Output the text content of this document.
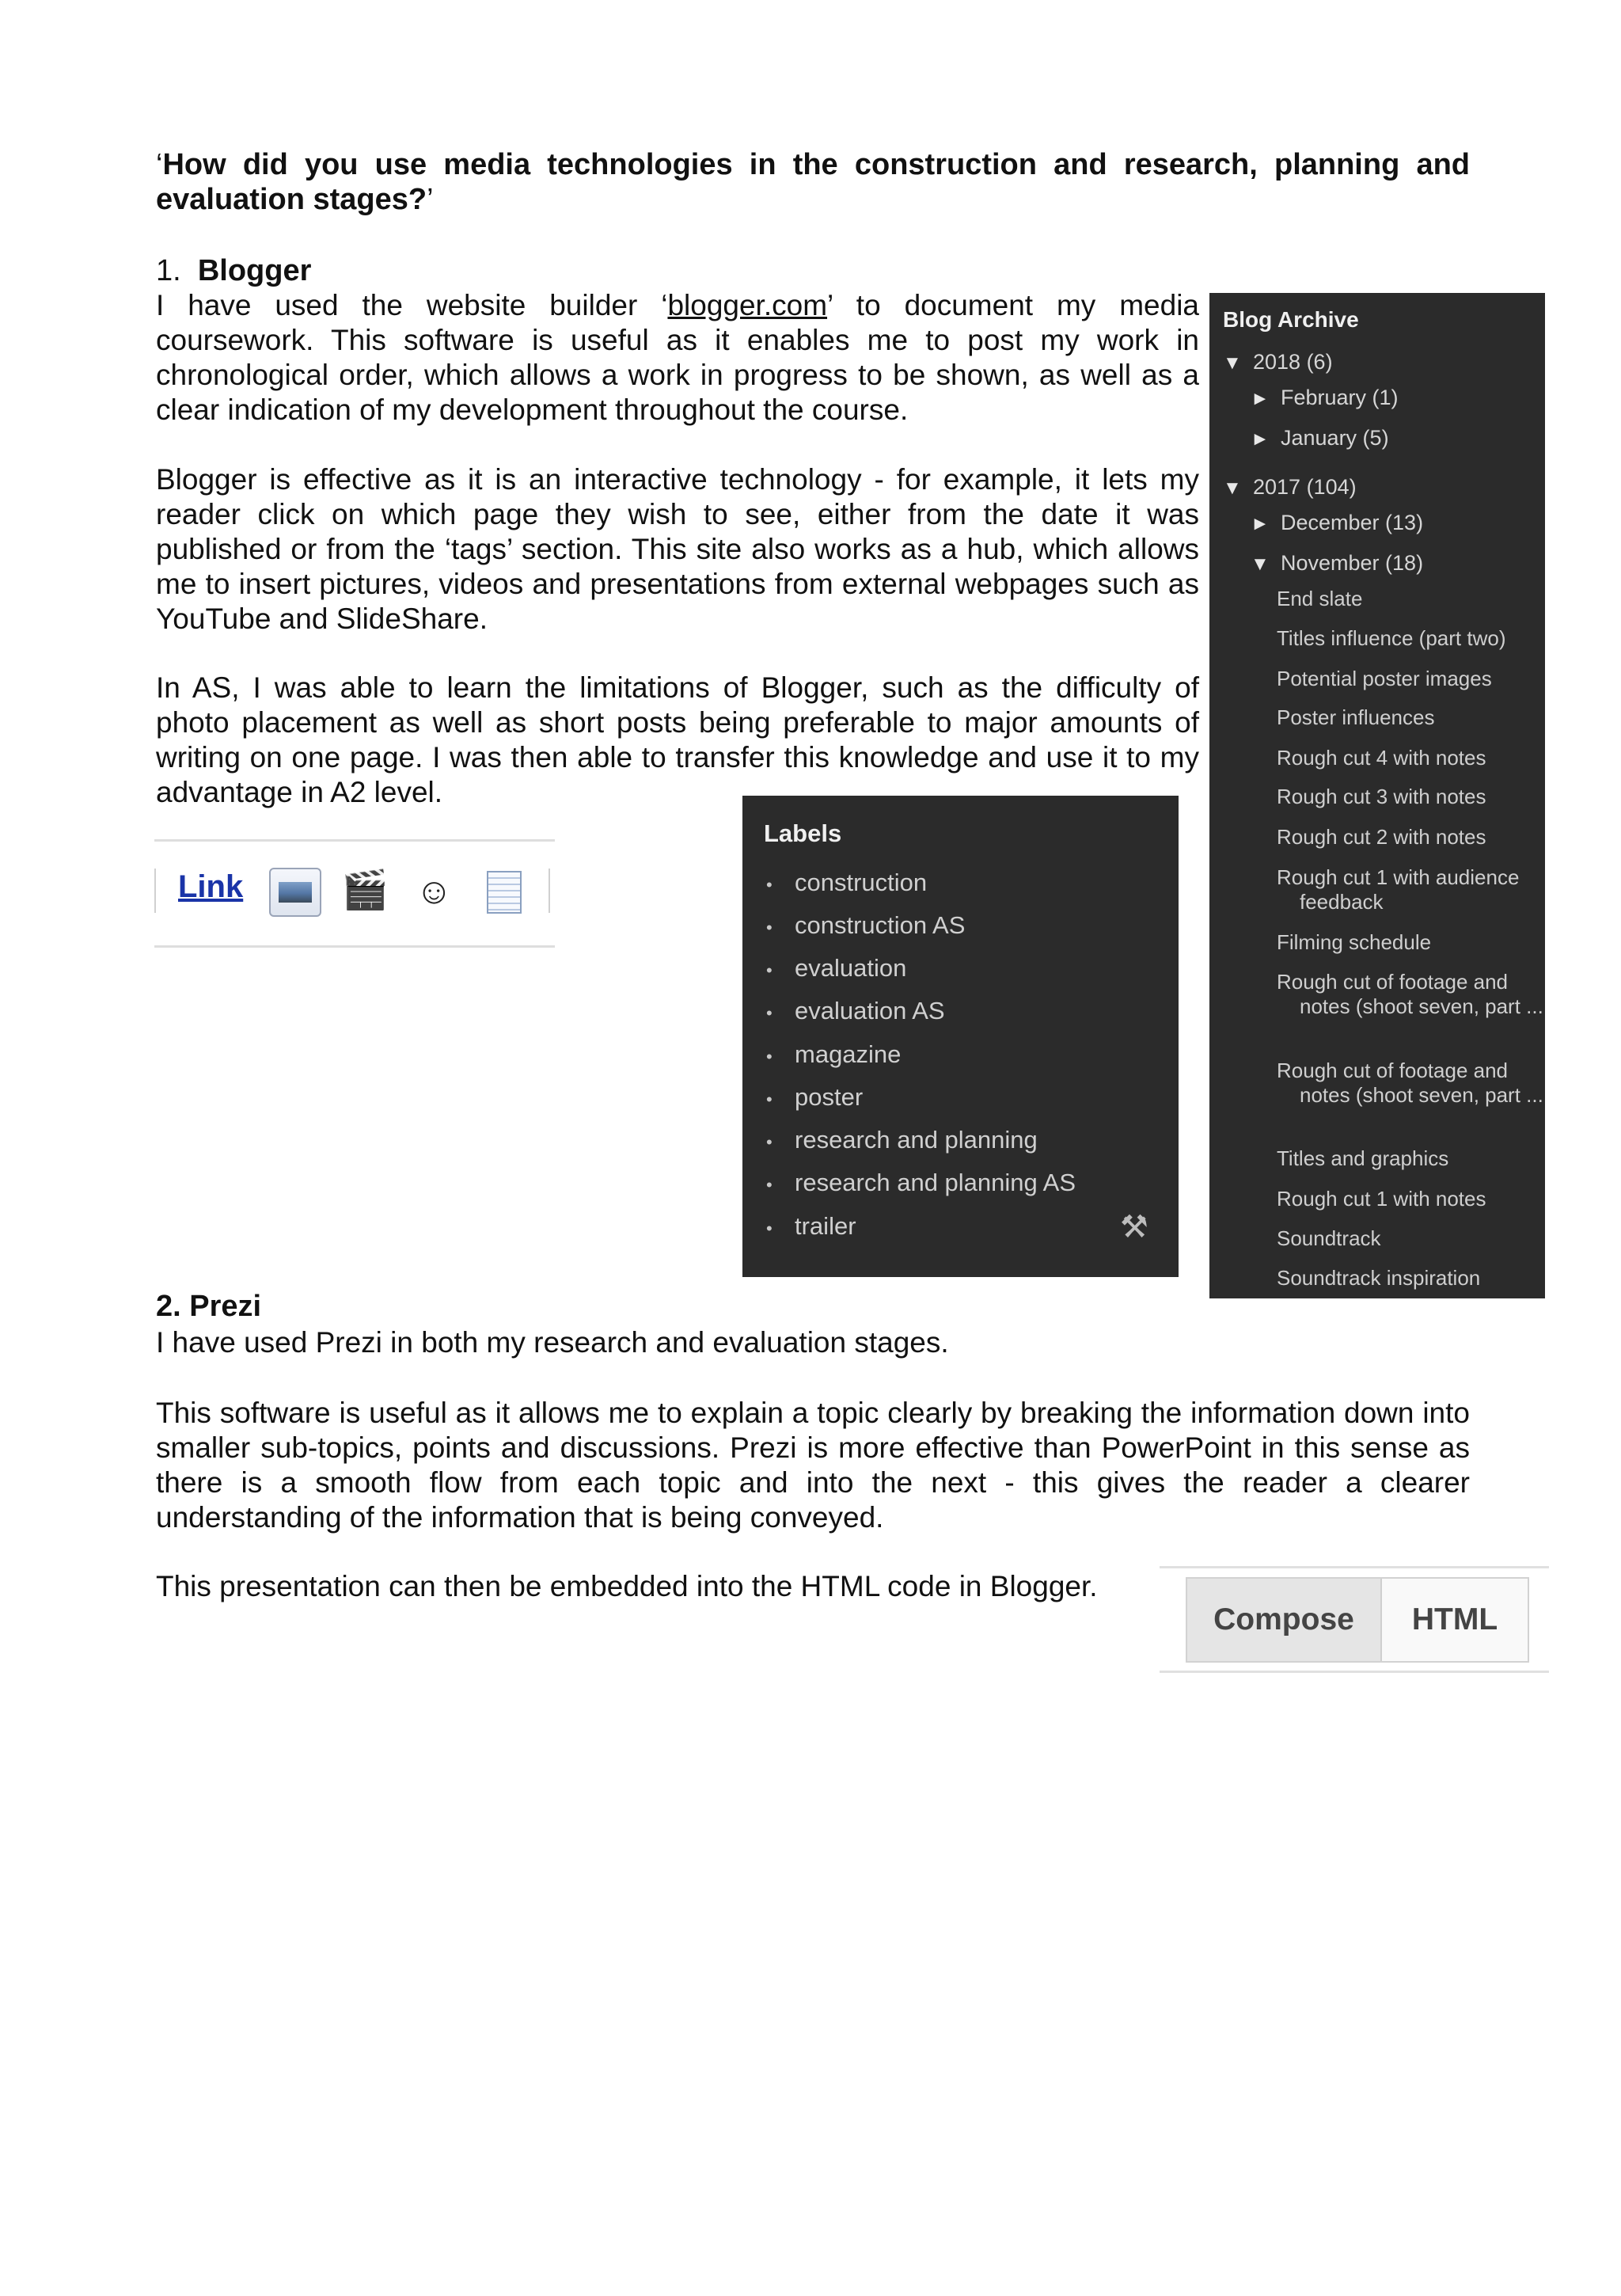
‘How did you use media technologies in the construction and research, planning and evaluation stages?’
1. Blogger
I have used the website builder ‘blogger.com’ to document my media coursework. This software is useful as it enables me to post my work in chronological order, which allows a work in progress to be shown, as well as a clear indication of my development throughout the course.
Blogger is effective as it is an interactive technology - for example, it lets my reader click on which page they wish to see, either from the date it was published or from the ‘tags’ section. This site also works as a hub, which allows me to insert pictures, videos and presentations from external webpages such as YouTube and SlideShare.
In AS, I was able to learn the limitations of Blogger, such as the difficulty of photo placement as well as short posts being preferable to major amounts of writing on one page. I was then able to transfer this knowledge and use it to my advantage in A2 level.
Link	🎬 ☺
Labels
• construction
• construction AS
• evaluation
• evaluation AS
• magazine
• poster
• research and planning
• research and planning AS
• trailer	⚒
Blog Archive
▼ 2018 (6)
► February (1)
► January (5)
▼ 2017 (104)
► December (13)
▼ November (18)
End slate
Titles influence (part two)
Potential poster images
Poster influences
Rough cut 4 with notes
Rough cut 3 with notes
Rough cut 2 with notes
Rough cut 1 with audience feedback
Filming schedule
Rough cut of footage and notes (shoot seven, part ...
Rough cut of footage and notes (shoot seven, part ...
Titles and graphics
Rough cut 1 with notes
Soundtrack
Soundtrack inspiration
2. Prezi
I have used Prezi in both my research and evaluation stages.
This software is useful as it allows me to explain a topic clearly by breaking the information down into smaller sub-topics, points and discussions. Prezi is more effective than PowerPoint in this sense as there is a smooth flow from each topic and into the next - this gives the reader a clearer understanding of the information that is being conveyed.
This presentation can then be embedded into the HTML code in Blogger.
Compose	HTML
